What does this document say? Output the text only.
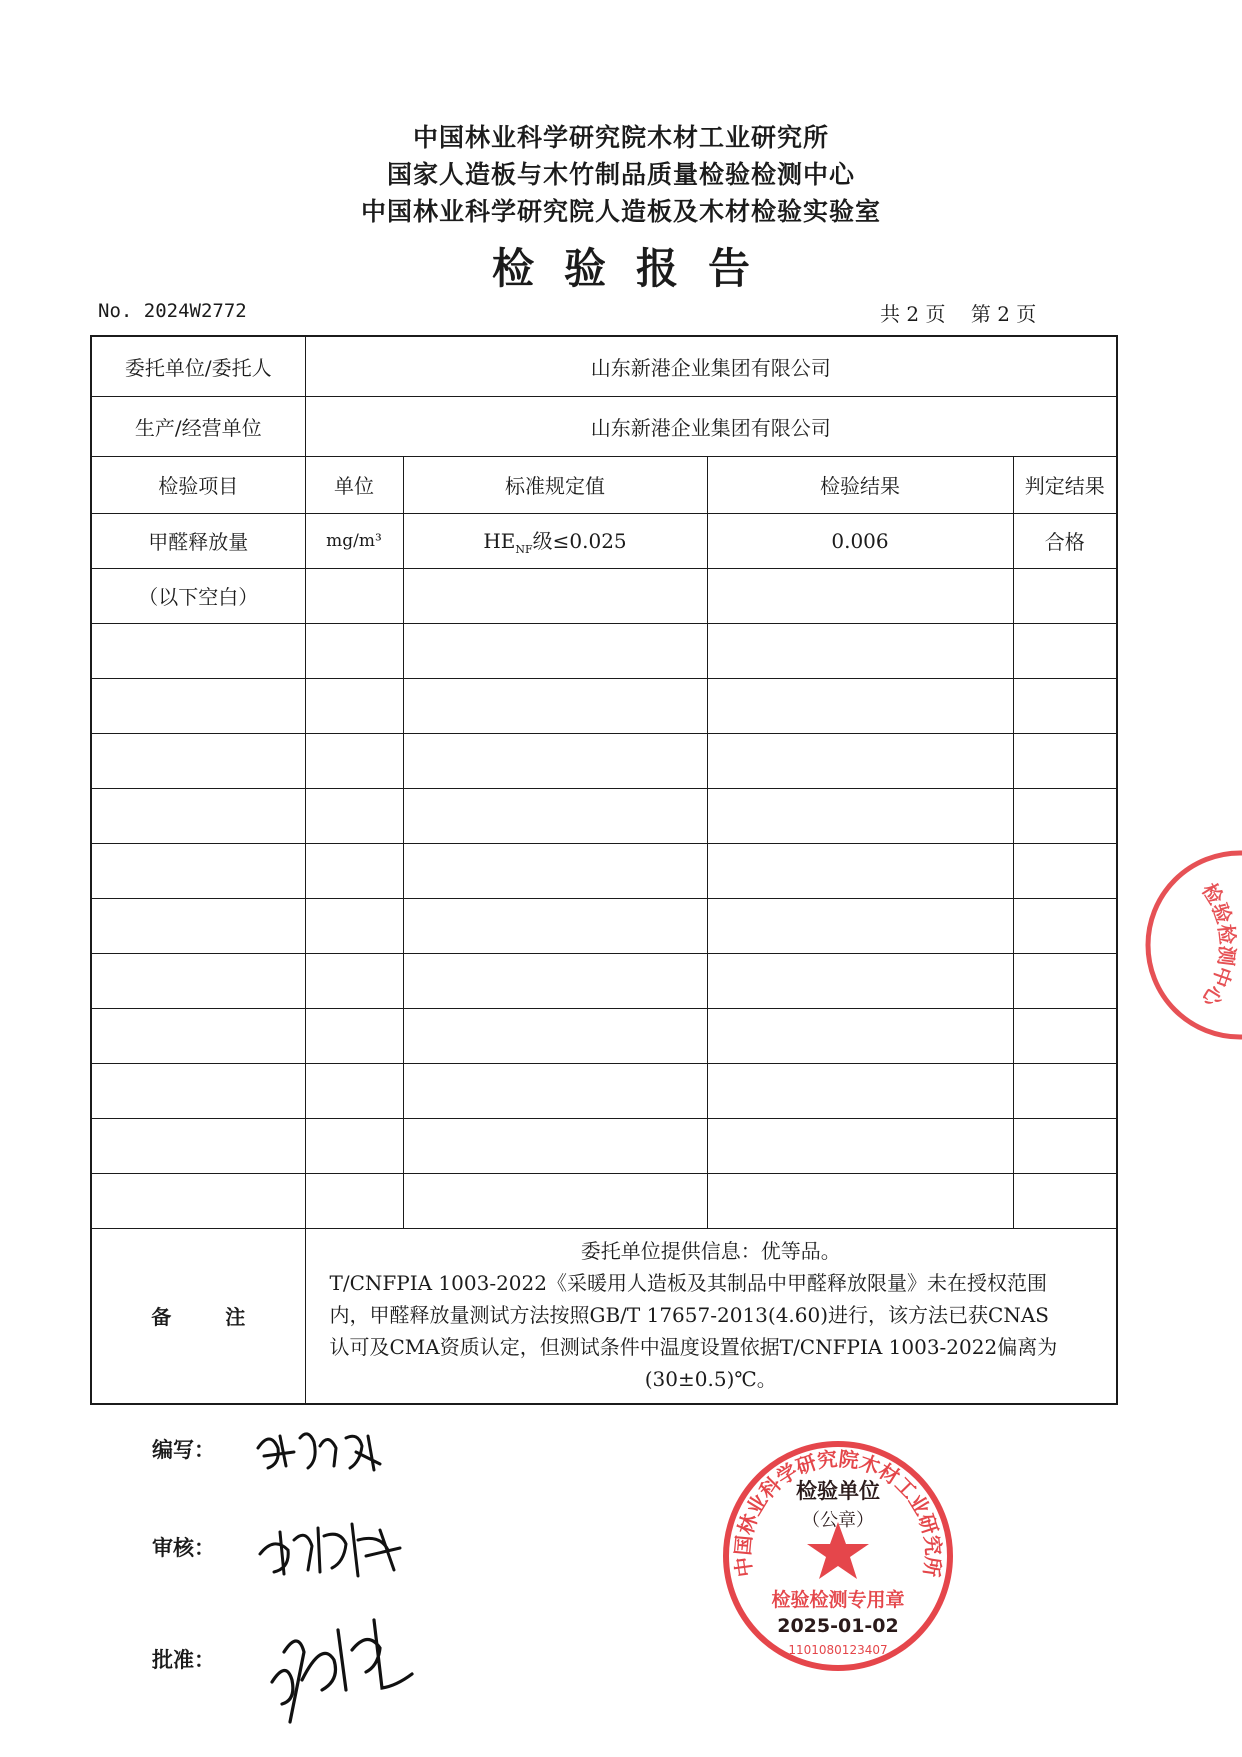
中国林业科学研究院木材工业研究所
国家人造板与木竹制品质量检验检测中心
中国林业科学研究院人造板及木材检验实验室
检验报告
No. 2024W2772	共 2 页    第 2 页
委托单位/委托人	山东新港企业集团有限公司			
生产/经营单位	山东新港企业集团有限公司			
检验项目	单位	标准规定值	检验结果	判定结果
甲醛释放量	mg/m³	$HE_{NF}$级≤0.025	0.006	合格
（以下空白）				

备注	委托单位提供信息：优等品。
T/CNFPIA 1003-2022《采暖用人造板及其制品中甲醛释放限量》未在授权范围
内，甲醛释放量测试方法按照GB/T 17657-2013(4.60)进行，该方法已获CNAS
认可及CMA资质认定，但测试条件中温度设置依据T/CNFPIA 1003-2022偏离为
(30±0.5)℃。			
编写：
审核：
批准：
中国林业科学研究院木材工业研究所
检验单位
（公章）
检验检测专用章
2025-01-02
1101080123407
检验检测中心
